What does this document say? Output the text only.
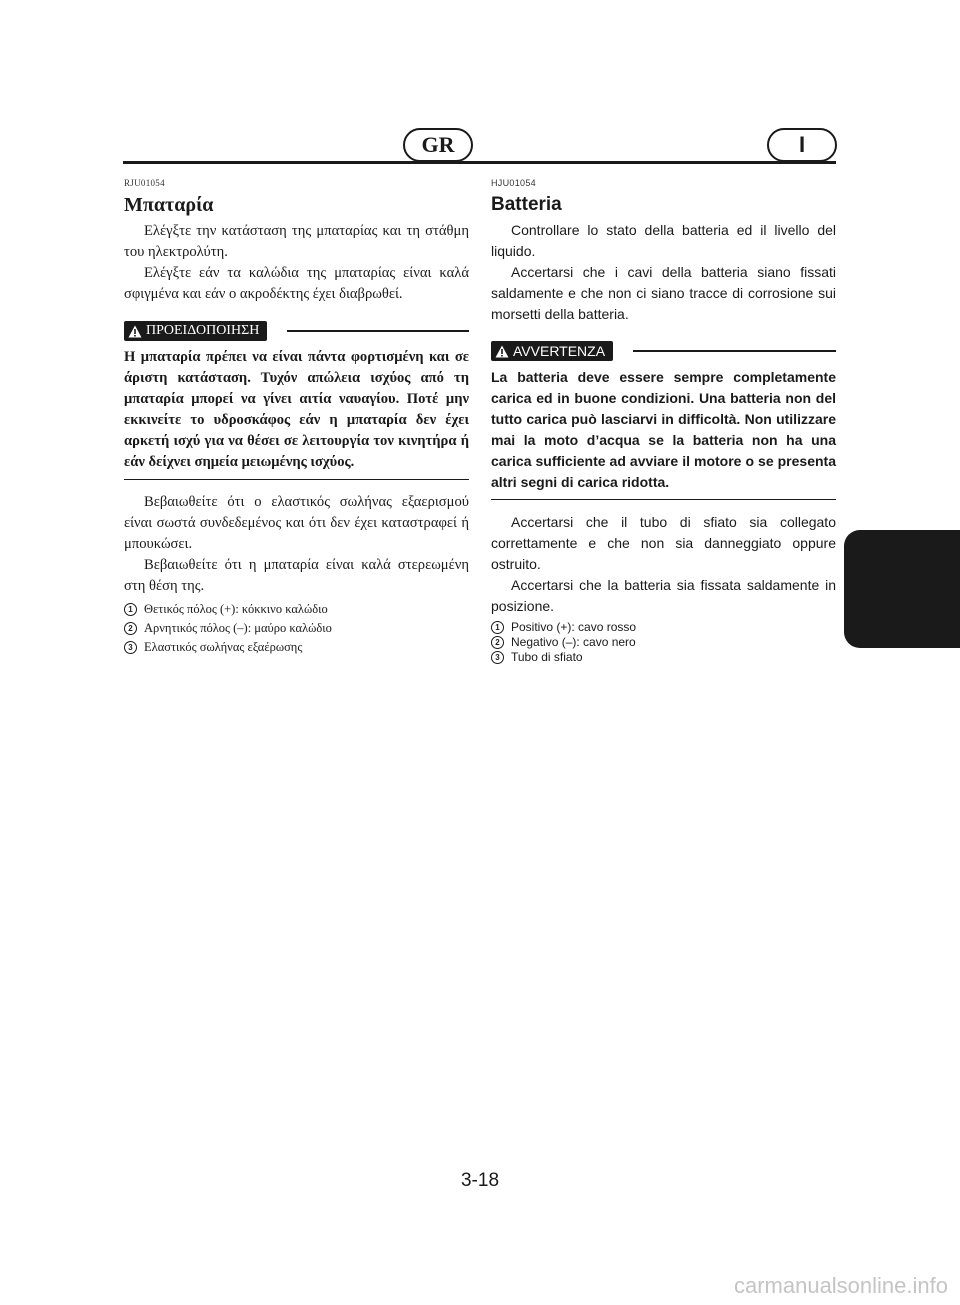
GR	I
RJU01054
Μπαταρία

Ελέγξτε την κατάσταση της μπαταρίας και τη στάθμη του ηλεκτρολύτη.

Ελέγξτε εάν τα καλώδια της μπαταρίας είναι καλά σφιγμένα και εάν ο ακροδέκτης έχει διαβρωθεί.

ΠΡΟΕΙΔΟΠΟΙΗΣΗ
Η μπαταρία πρέπει να είναι πάντα φορτισμένη και σε άριστη κατάσταση. Τυχόν απώλεια ισχύος από τη μπαταρία μπορεί να γίνει αιτία ναυαγίου. Ποτέ μην εκκινείτε το υδροσκάφος εάν η μπαταρία δεν έχει αρκετή ισχύ για να θέσει σε λειτουργία τον κινητήρα ή εάν δείχνει σημεία μειωμένης ισχύος.

Βεβαιωθείτε ότι ο ελαστικός σωλήνας εξαερισμού είναι σωστά συνδεδεμένος και ότι δεν έχει καταστραφεί ή μπουκώσει.

Βεβαιωθείτε ότι η μπαταρία είναι καλά στερεωμένη στη θέση της.

1 Θετικός πόλος (+): κόκκινο καλώδιο
2 Αρνητικός πόλος (–): μαύρο καλώδιο
3 Ελαστικός σωλήνας εξαέρωσης
HJU01054
Batteria

Controllare lo stato della batteria ed il livello del liquido.

Accertarsi che i cavi della batteria siano fissati saldamente e che non ci siano tracce di corrosione sui morsetti della batteria.

AVVERTENZA
La batteria deve essere sempre completamente carica ed in buone condizioni. Una batteria non del tutto carica può lasciarvi in difficoltà. Non utilizzare mai la moto d’acqua se la batteria non ha una carica sufficiente ad avviare il motore o se presenta altri segni di carica ridotta.

Accertarsi che il tubo di sfiato sia collegato correttamente e che non sia danneggiato oppure ostruito.

Accertarsi che la batteria sia fissata saldamente in posizione.

1 Positivo (+): cavo rosso
2 Negativo (–): cavo nero
3 Tubo di sfiato
3-18
carmanualsonline.info
